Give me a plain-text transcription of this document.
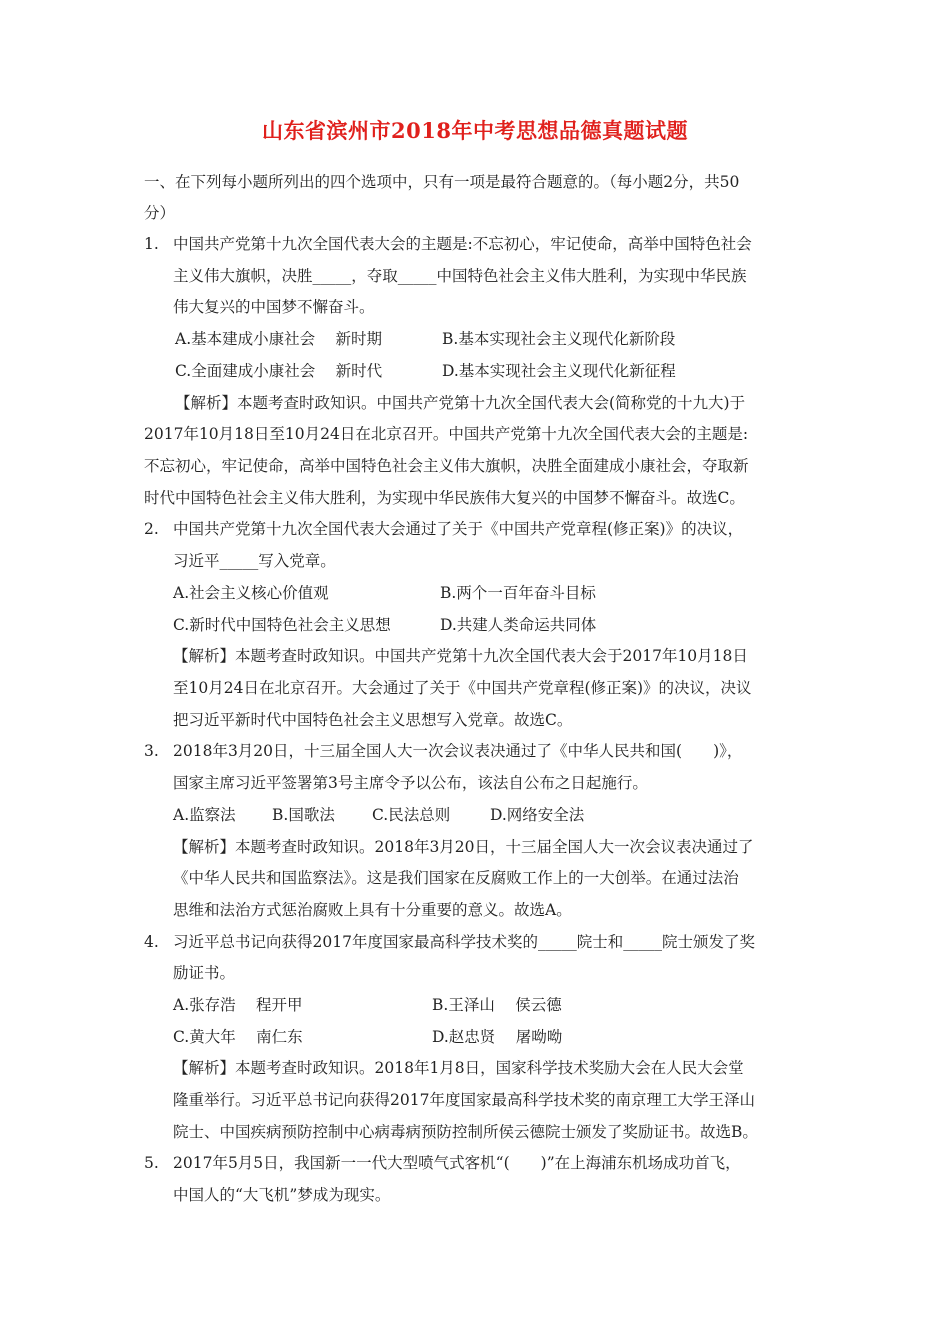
山东省滨州市2018年中考思想品德真题试题
一、在下列每小题所列出的四个选项中，只有一项是最符合题意的。（每小题2分，共50
分）
1. 中国共产党第十九次全国代表大会的主题是:不忘初心，牢记使命，高举中国特色社会
主义伟大旗帜，决胜_____，夺取_____中国特色社会主义伟大胜利，为实现中华民族
伟大复兴的中国梦不懈奋斗。
A.基本建成小康社会　 新时期	B.基本实现社会主义现代化新阶段
C.全面建成小康社会　 新时代	D.基本实现社会主义现代化新征程
【解析】本题考查时政知识。中国共产党第十九次全国代表大会(简称党的十九大)于
2017年10月18日至10月24日在北京召开。中国共产党第十九次全国代表大会的主题是:
不忘初心，牢记使命，高举中国特色社会主义伟大旗帜，决胜全面建成小康社会，夺取新
时代中国特色社会主义伟大胜利，为实现中华民族伟大复兴的中国梦不懈奋斗。故选C。
2. 中国共产党第十九次全国代表大会通过了关于《中国共产党章程(修正案)》的决议，
习近平_____写入党章。
A.社会主义核心价值观	B.两个一百年奋斗目标
C.新时代中国特色社会主义思想	D.共建人类命运共同体
【解析】本题考查时政知识。中国共产党第十九次全国代表大会于2017年10月18日
至10月24日在北京召开。大会通过了关于《中国共产党章程(修正案)》的决议，决议
把习近平新时代中国特色社会主义思想写入党章。故选C。
3. 2018年3月20日，十三届全国人大一次会议表决通过了《中华人民共和国(　　)》，
国家主席习近平签署第3号主席令予以公布，该法自公布之日起施行。
A.监察法 B.国歌法 C.民法总则	D.网络安全法
【解析】本题考查时政知识。2018年3月20日，十三届全国人大一次会议表决通过了
《中华人民共和国监察法》。这是我们国家在反腐败工作上的一大创举。在通过法治
思维和法治方式惩治腐败上具有十分重要的意义。故选A。
4. 习近平总书记向获得2017年度国家最高科学技术奖的_____院士和_____院士颁发了奖
励证书。
A.张存浩　 程开甲	B.王泽山　 侯云德
C.黄大年　 南仁东	D.赵忠贤　 屠呦呦
【解析】本题考查时政知识。2018年1月8日，国家科学技术奖励大会在人民大会堂
隆重举行。习近平总书记向获得2017年度国家最高科学技术奖的南京理工大学王泽山
院士、中国疾病预防控制中心病毒病预防控制所侯云德院士颁发了奖励证书。故选B。
5. 2017年5月5日，我国新一一代大型喷气式客机“(　　)”在上海浦东机场成功首飞，
中国人的“大飞机”梦成为现实。
